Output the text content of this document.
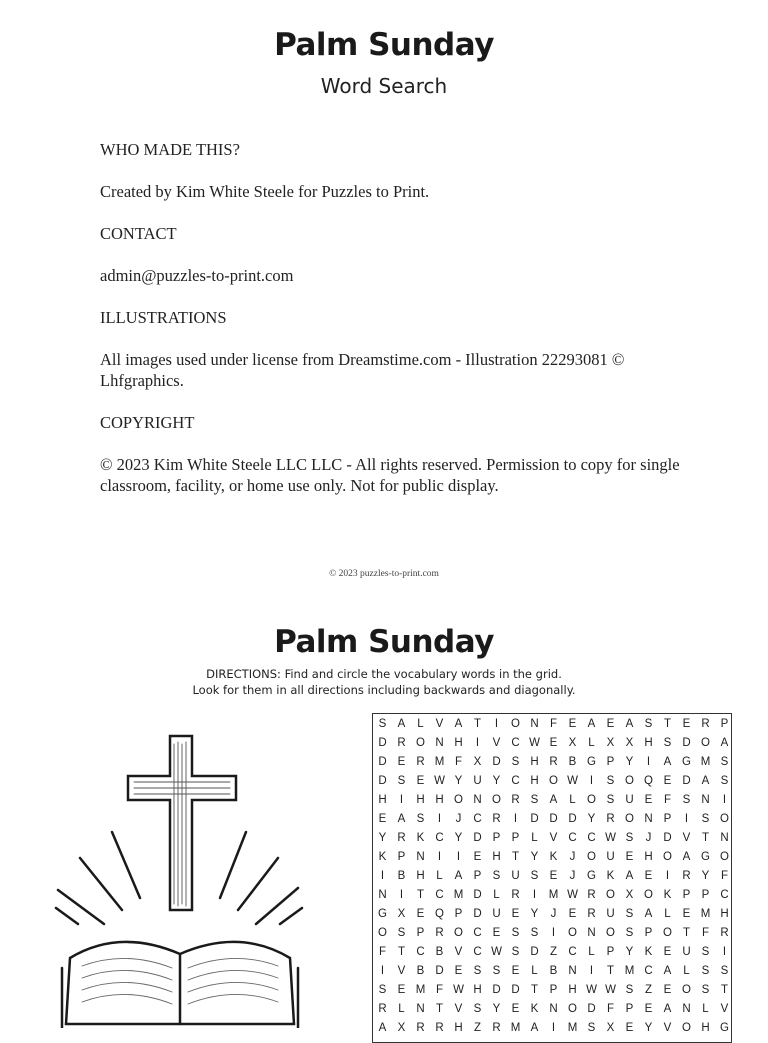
Palm Sunday
Word Search

WHO MADE THIS?

Created by Kim White Steele for Puzzles to Print.

CONTACT

admin@puzzles-to-print.com

ILLUSTRATIONS

All images used under license from Dreamstime.com - Illustration 22293081 © Lhfgraphics.

COPYRIGHT

© 2023 Kim White Steele LLC LLC - All rights reserved. Permission to copy for single classroom, facility, or home use only. Not for public display.

© 2023 puzzles-to-print.com
Palm Sunday
DIRECTIONS: Find and circle the vocabulary words in the grid.
Look for them in all directions including backwards and diagonally.
S A	L	V A	T	I	O N F	E A E A S	T	E R P
D R O N H	I	V C W E X	L	X X H S D O A
D E R M F	X D S H R B G P Y	I	A G M S
D S E W Y U Y C H O W	I	S O Q E D A S
H	I	H H O N O R S A	L O S U E	F	S N	I
E A S	I	J	C R	I	D D D Y R O N P	I	S O
Y R K C Y D P P	L	V C C W S	J	D V	T N
K P N	I	I	E H T	Y K	J	O U E H O A G O
I	B H	L	A P S U S E	J	G K A E	I	R Y	F
N	I	T C M D	L	R	I	M W R O X O K P P C
G X E Q P D U E Y	J	E R U S A	L	E M H
O S P R O C E S S	I	O N O S P O T	F R
F	T C B V C W S D Z C	L	P Y K E U S	I
I	V B D E S S E	L	B N	I	T M C A	L	S S
S E M F W H D D T	P H W W S	Z	E O S	T
R	L	N T	V S Y E K N O D F	P E A N	L	V
A X R R H Z R M A	I	M S X E Y V O H G
